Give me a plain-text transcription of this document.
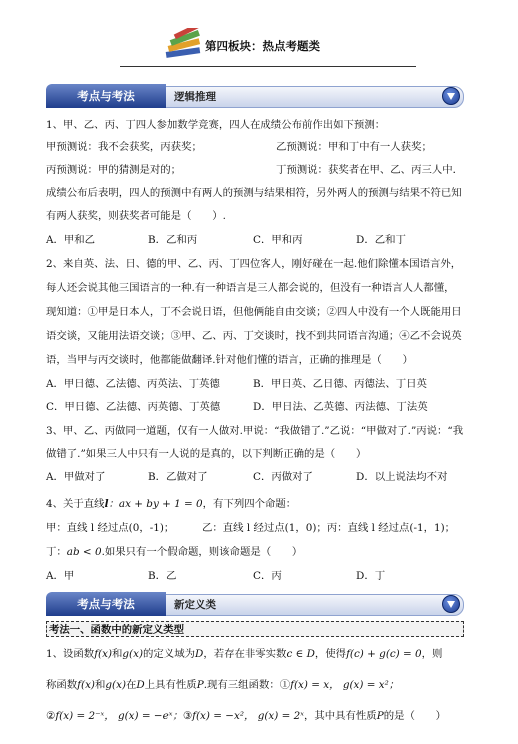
第四板块：热点考题类
考点与考法	逻辑推理
1、甲、乙、丙、丁四人参加数学竞赛，四人在成绩公布前作出如下预测：
甲预测说：我不会获奖，丙获奖；	乙预测说：甲和丁中有一人获奖；
丙预测说：甲的猜测是对的；	丁预测说：获奖者在甲、乙、丙三人中．
成绩公布后表明，四人的预测中有两人的预测与结果相符，另外两人的预测与结果不符已知
有两人获奖，则获奖者可能是（　　）.
A．甲和乙	B．乙和丙	C．甲和丙	D．乙和丁
2、来自英、法、日、德的甲、乙、丙、丁四位客人，刚好碰在一起.他们除懂本国语言外，
每人还会说其他三国语言的一种.有一种语言是三人都会说的，但没有一种语言人人都懂，
现知道：①甲是日本人，丁不会说日语，但他俩能自由交谈；②四人中没有一个人既能用日
语交谈，又能用法语交谈；③甲、乙、丙、丁交谈时，找不到共同语言沟通；④乙不会说英
语，当甲与丙交谈时，他都能做翻译.针对他们懂的语言，正确的推理是（　　）
A．甲日德、乙法德、丙英法、丁英德	B．甲日英、乙日德、丙德法、丁日英
C．甲日德、乙法德、丙英德、丁英德	D．甲日法、乙英德、丙法德、丁法英
3、甲、乙、丙做同一道题，仅有一人做对.甲说：“我做错了.”乙说：“甲做对了.”丙说：“我
做错了.”如果三人中只有一人说的是真的，以下判断正确的是（　　）
A．甲做对了	B．乙做对了	C．丙做对了	D．以上说法均不对
4、关于直线l：ax + by + 1 = 0，有下列四个命题：
甲：直线 l 经过点(0，-1)；	乙：直线 l 经过点(1，0)；丙：直线 l 经过点(-1，1)；
丁：ab < 0.如果只有一个假命题，则该命题是（　　）
A．甲	B．乙	C．丙	D．丁
考点与考法	新定义类
考法一、函数中的新定义类型
1、设函数f(x)和g(x)的定义域为D，若存在非零实数c ∈ D，使得f(c) + g(c) = 0，则
称函数f(x)和g(x)在D上具有性质P.现有三组函数：①f(x) = x， g(x) = x²；
②f(x) = 2⁻ˣ， g(x) = −eˣ；③f(x) = −x²， g(x) = 2ˣ，其中具有性质P的是（　　）
